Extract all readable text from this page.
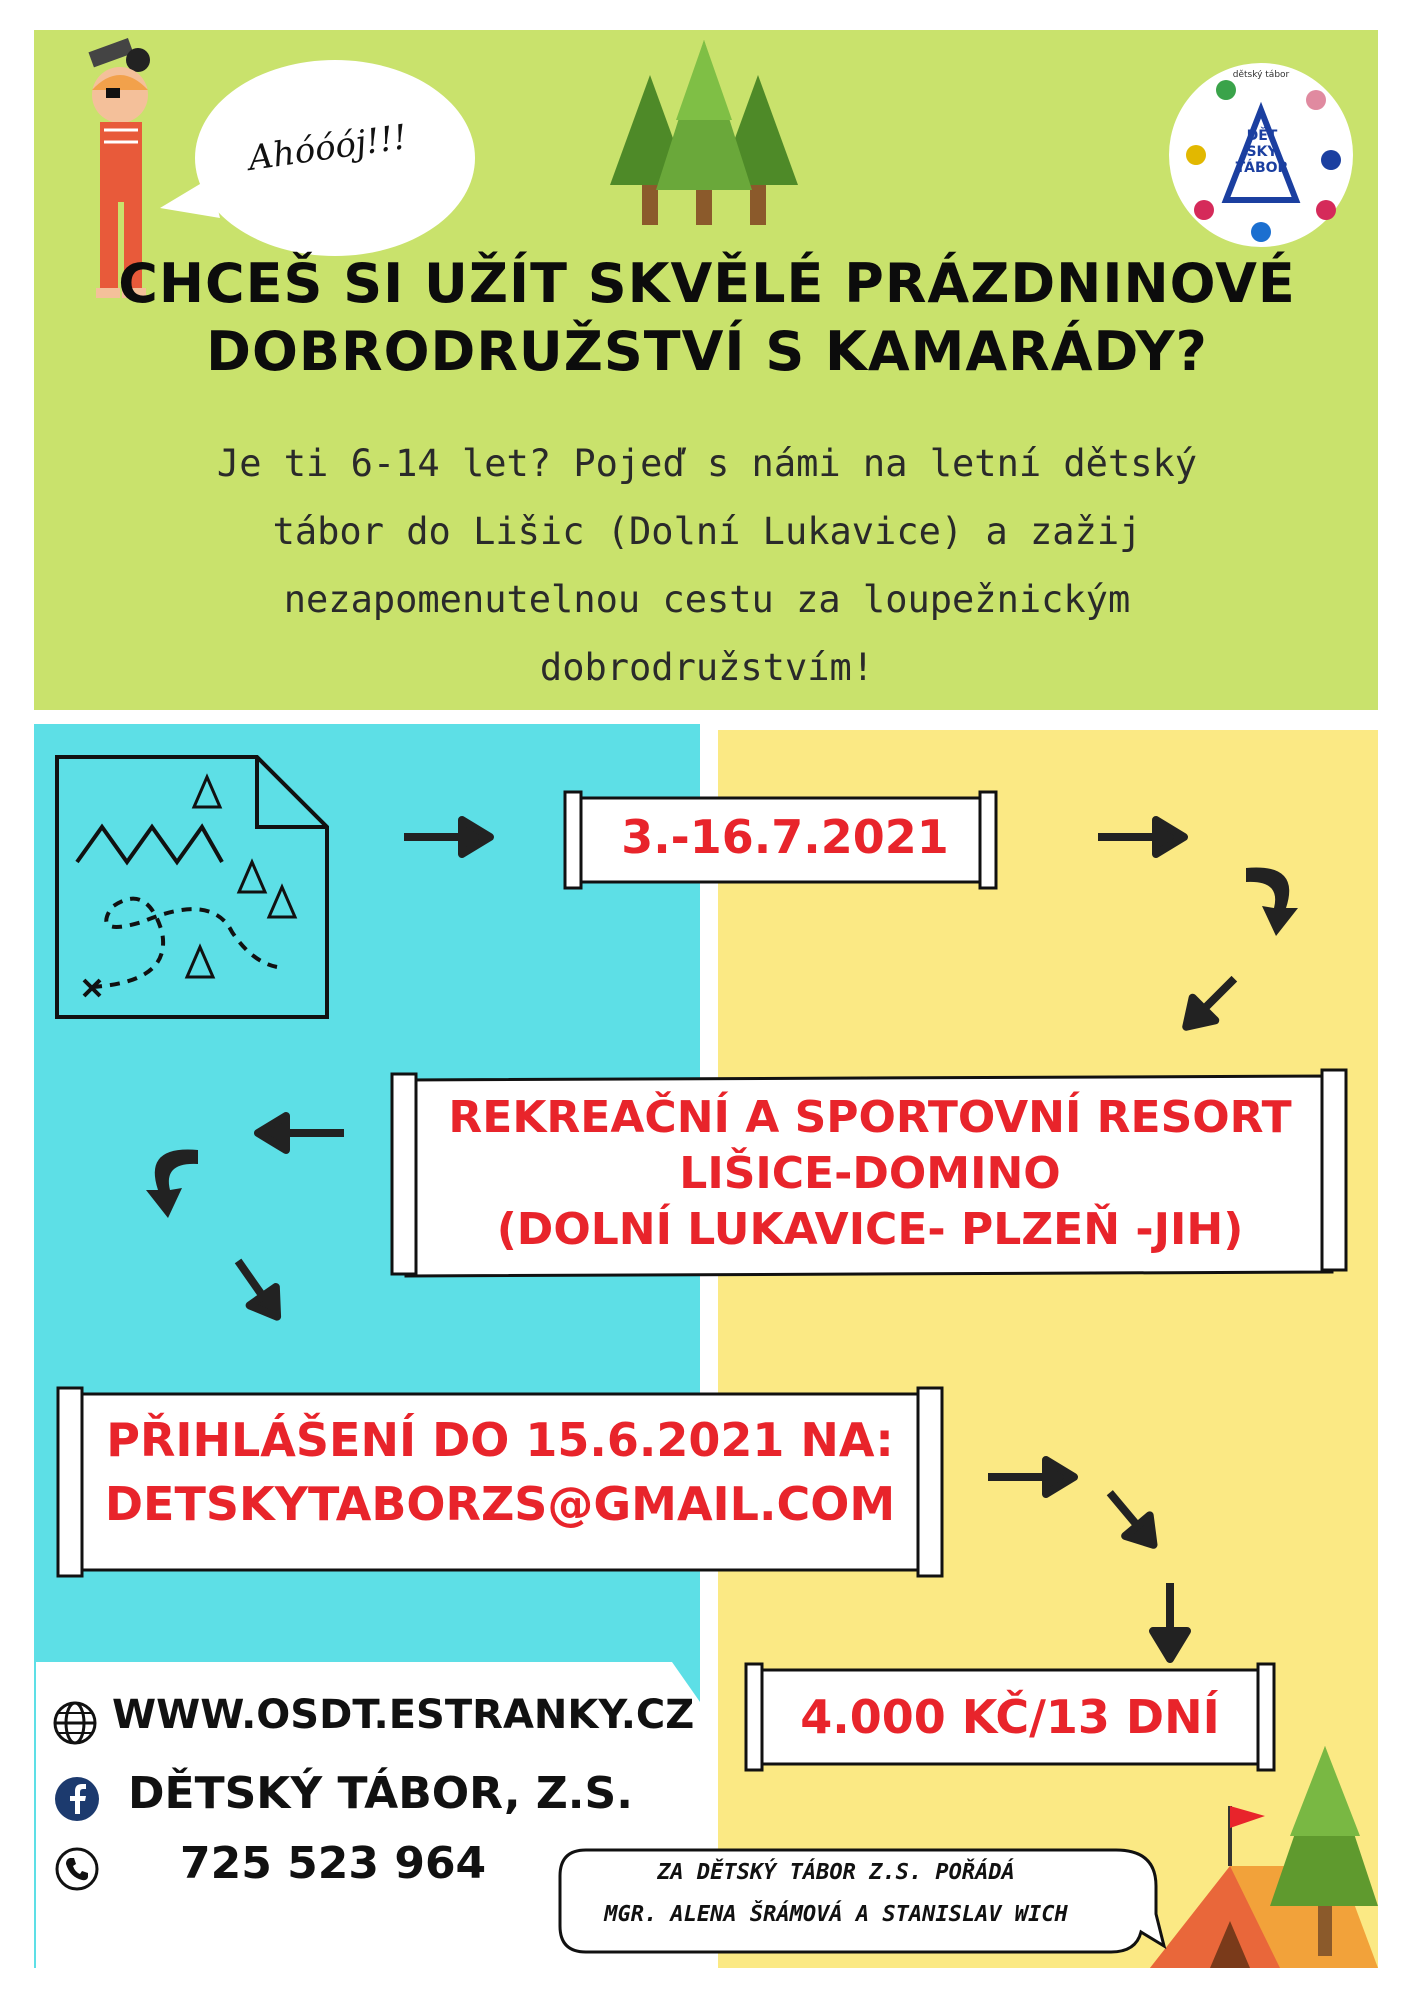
Ahóóój!!!	DĚT SKÝ TÁBOR
dětský tábor
CHCEŠ SI UŽÍT SKVĚLÉ PRÁZDNINOVÉ
DOBRODRUŽSTVÍ S KAMARÁDY?
Je ti 6-14 let? Pojeď s námi na letní dětský
tábor do Lišic (Dolní Lukavice) a zažij
nezapomenutelnou cestu za loupežnickým
dobrodružstvím!
3.-16.7.2021
REKREAČNÍ A SPORTOVNÍ RESORT
LIŠICE-DOMINO
(DOLNÍ LUKAVICE- PLZEŇ -JIH)
PŘIHLÁŠENÍ DO 15.6.2021 NA:
DETSKYTABORZS@GMAIL.COM
4.000 KČ/13 DNÍ
WWW.OSDT.ESTRANKY.CZ
DĚTSKÝ TÁBOR, Z.S.
725 523 964	ZA DĚTSKÝ TÁBOR Z.S. POŘÁDÁ
MGR. ALENA ŠRÁMOVÁ A STANISLAV WICH
